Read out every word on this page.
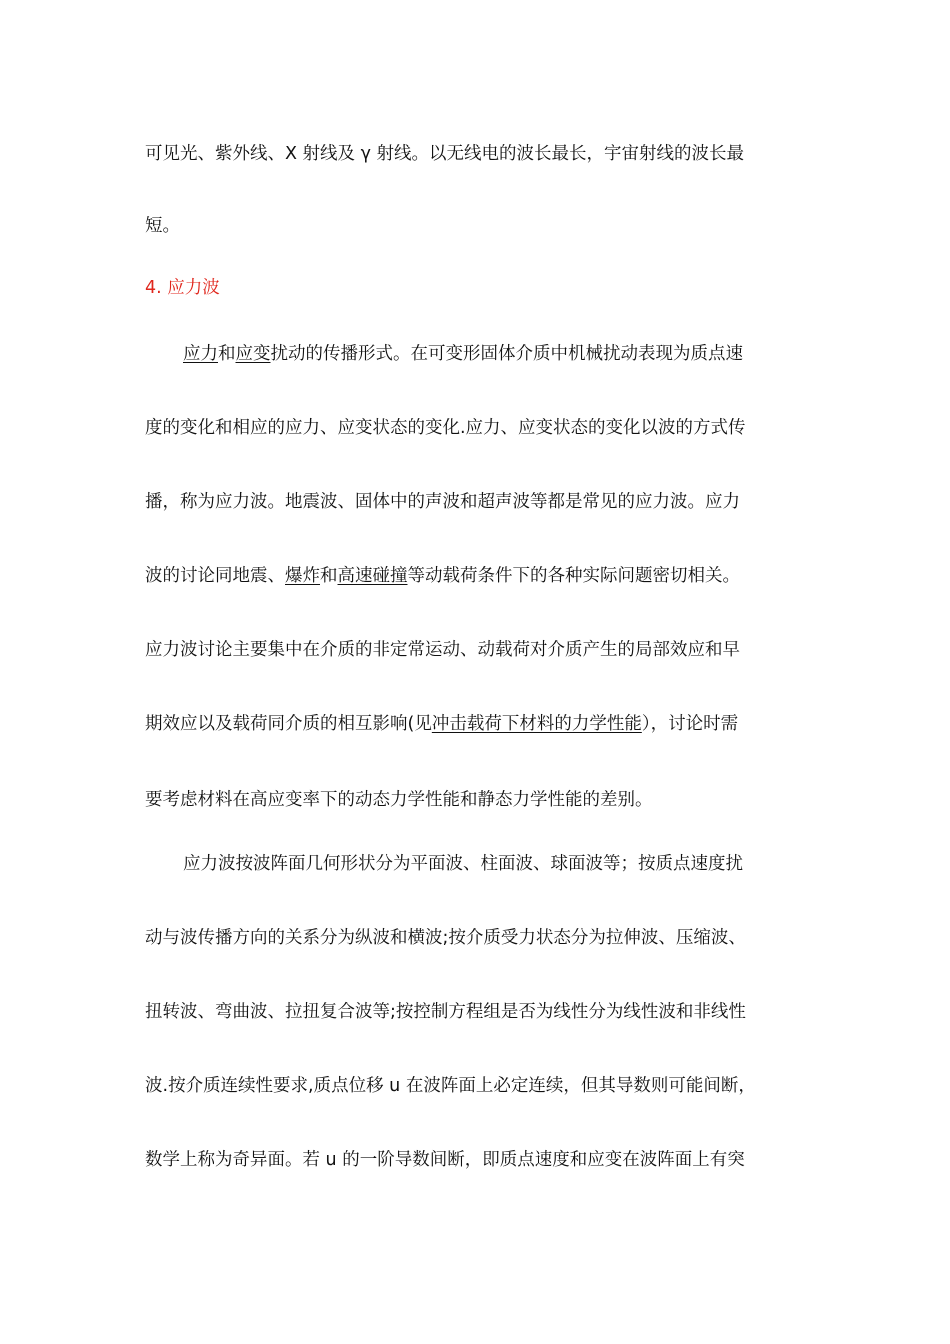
可见光、紫外线、X 射线及 γ 射线。以无线电的波长最长，宇宙射线的波长最
短。
4. 应力波
应力和应变扰动的传播形式。在可变形固体介质中机械扰动表现为质点速
度的变化和相应的应力、应变状态的变化.应力、应变状态的变化以波的方式传
播，称为应力波。地震波、固体中的声波和超声波等都是常见的应力波。应力
波的讨论同地震、爆炸和高速碰撞等动载荷条件下的各种实际问题密切相关。
应力波讨论主要集中在介质的非定常运动、动载荷对介质产生的局部效应和早
期效应以及载荷同介质的相互影响(见冲击载荷下材料的力学性能），讨论时需
要考虑材料在高应变率下的动态力学性能和静态力学性能的差别。
应力波按波阵面几何形状分为平面波、柱面波、球面波等；按质点速度扰
动与波传播方向的关系分为纵波和横波;按介质受力状态分为拉伸波、压缩波、
扭转波、弯曲波、拉扭复合波等;按控制方程组是否为线性分为线性波和非线性
波.按介质连续性要求,质点位移 u 在波阵面上必定连续，但其导数则可能间断，
数学上称为奇异面。若 u 的一阶导数间断，即质点速度和应变在波阵面上有突
